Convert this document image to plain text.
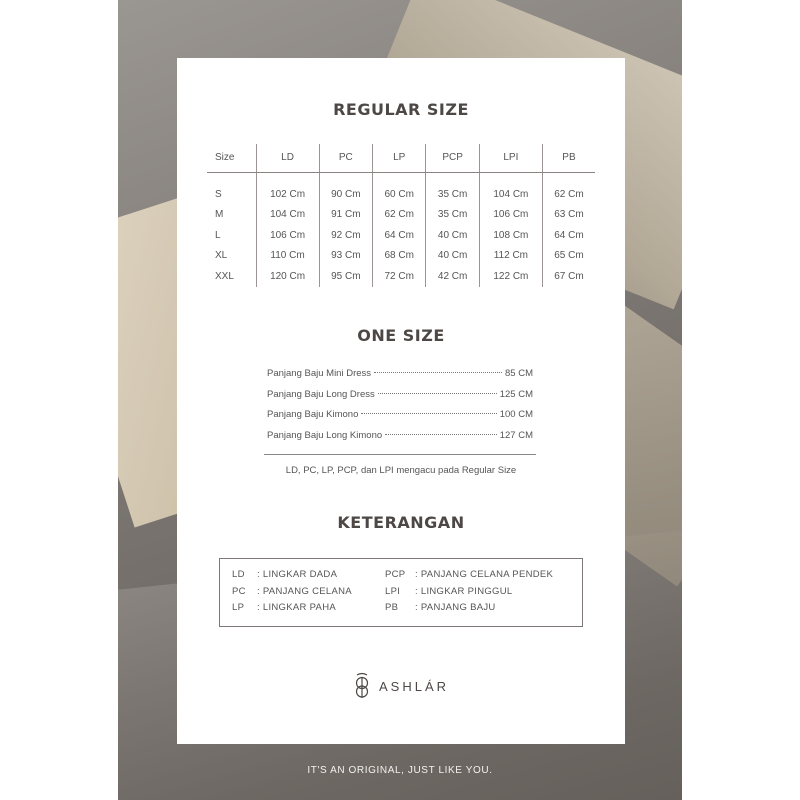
REGULAR SIZE
Size	LD	PC	LP	PCP	LPI	PB

S	102 Cm	90 Cm	60 Cm	35 Cm	104 Cm	62 Cm
M	104 Cm	91 Cm	62 Cm	35 Cm	106 Cm	63 Cm
L	106 Cm	92 Cm	64 Cm	40 Cm	108 Cm	64 Cm
XL	110 Cm	93 Cm	68 Cm	40 Cm	112 Cm	65 Cm
XXL	120 Cm	95 Cm	72 Cm	42 Cm	122 Cm	67 Cm
ONE SIZE
Panjang Baju Mini Dress	85 CM
Panjang Baju Long Dress	125 CM
Panjang Baju Kimono	100 CM
Panjang Baju Long Kimono	127 CM
LD, PC, LP, PCP, dan LPI mengacu pada Regular Size
KETERANGAN
LD	: LINGKAR DADA
PC	: PANJANG CELANA
LP	: LINGKAR PAHA
PCP	: PANJANG CELANA PENDEK
LPI	: LINGKAR PINGGUL
PB	: PANJANG BAJU
ASHLÁR
IT'S AN ORIGINAL, JUST LIKE YOU.
